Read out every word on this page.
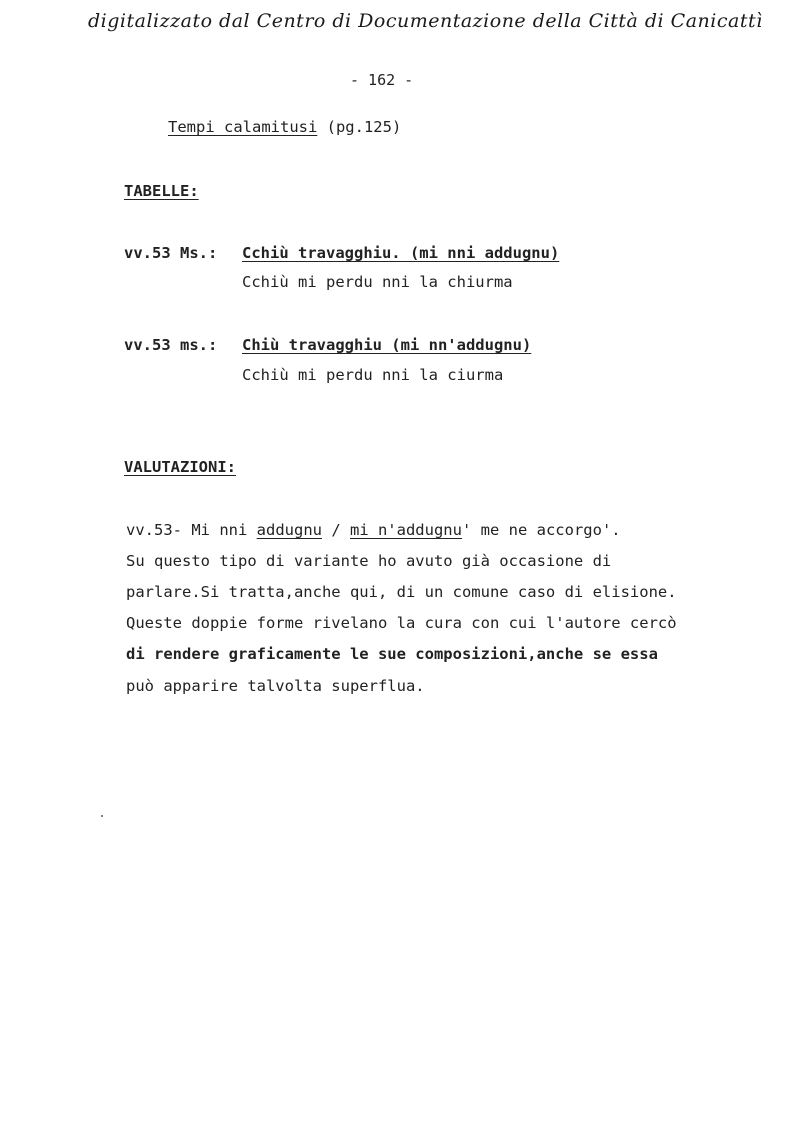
digitalizzato dal Centro di Documentazione della Città di Canicattì
- 162 -
Tempi calamitusi (pg.125)
TABELLE:
vv.53 Ms.: Cchiù travagghiu. (mi nni addugnu)
Cchiù mi perdu nni la chiurma
vv.53 ms.: Chiù travagghiu (mi nn'addugnu)
Cchiù mi perdu nni la ciurma
VALUTAZIONI:
vv.53- Mi nni addugnu / mi n'addugnu' me ne accorgo'.
Su questo tipo di variante ho avuto già occasione di
parlare.Si tratta,anche qui, di un comune caso di elisione.
Queste doppie forme rivelano la cura con cui l'autore cercò
di rendere graficamente le sue composizioni,anche se essa
può apparire talvolta superflua.
